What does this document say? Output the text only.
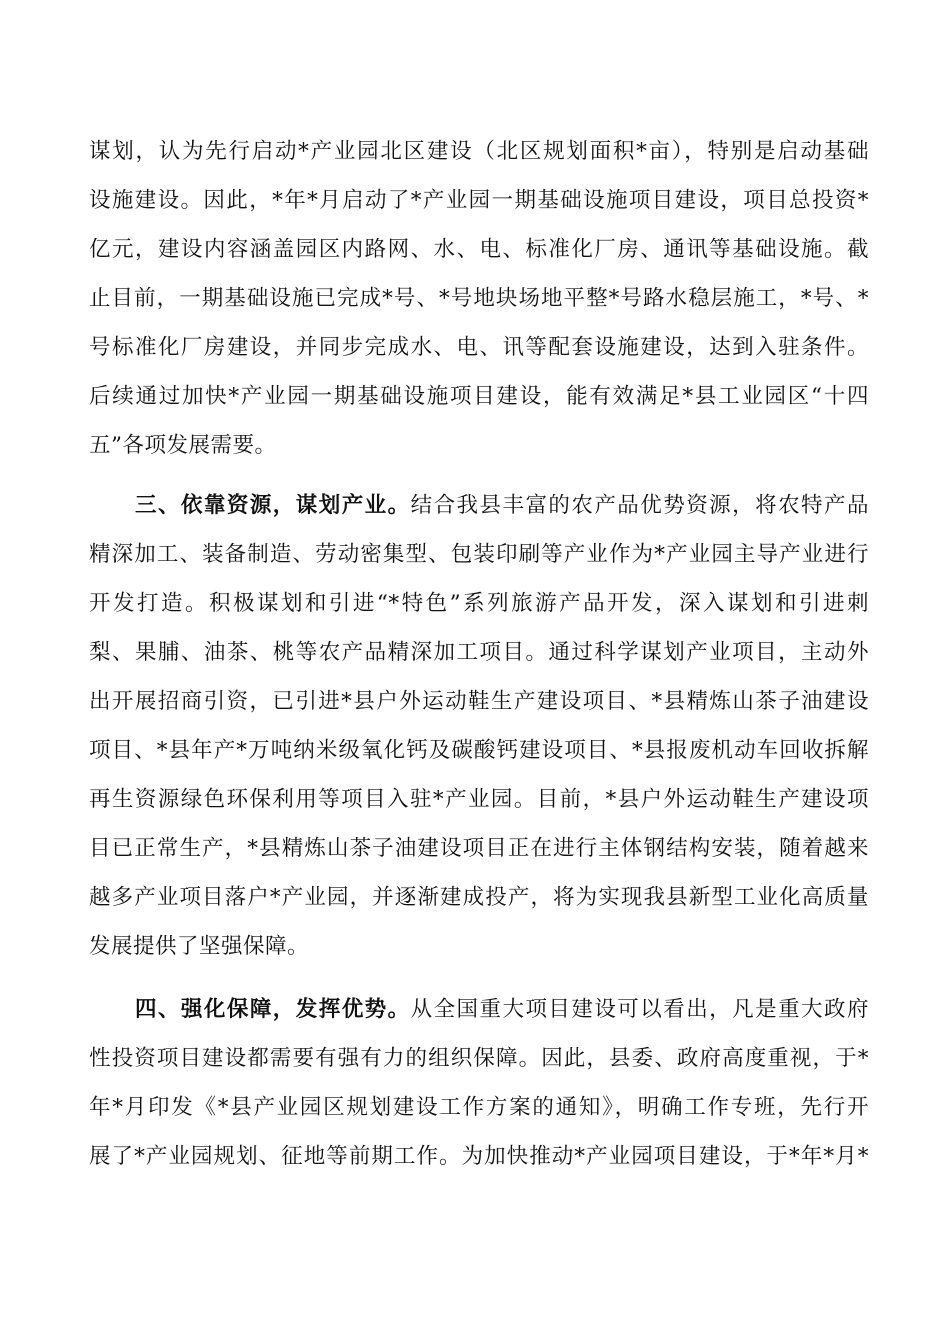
谋划，认为先行启动*产业园北区建设（北区规划面积*亩），特别是启动基础
设施建设。因此，*年*月启动了*产业园一期基础设施项目建设，项目总投资*
亿元，建设内容涵盖园区内路网、水、电、标准化厂房、通讯等基础设施。截
止目前，一期基础设施已完成*号、*号地块场地平整*号路水稳层施工，*号、*
号标准化厂房建设，并同步完成水、电、讯等配套设施建设，达到入驻条件。
后续通过加快*产业园一期基础设施项目建设，能有效满足*县工业园区“十四
五”各项发展需要。
三、依靠资源，谋划产业。结合我县丰富的农产品优势资源，将农特产品
精深加工、装备制造、劳动密集型、包装印刷等产业作为*产业园主导产业进行
开发打造。积极谋划和引进“*特色”系列旅游产品开发，深入谋划和引进刺
梨、果脯、油茶、桃等农产品精深加工项目。通过科学谋划产业项目，主动外
出开展招商引资，已引进*县户外运动鞋生产建设项目、*县精炼山茶子油建设
项目、*县年产*万吨纳米级氧化钙及碳酸钙建设项目、*县报废机动车回收拆解
再生资源绿色环保利用等项目入驻*产业园。目前，*县户外运动鞋生产建设项
目已正常生产，*县精炼山茶子油建设项目正在进行主体钢结构安装，随着越来
越多产业项目落户*产业园，并逐渐建成投产，将为实现我县新型工业化高质量
发展提供了坚强保障。
四、强化保障，发挥优势。从全国重大项目建设可以看出，凡是重大政府
性投资项目建设都需要有强有力的组织保障。因此，县委、政府高度重视，于*
年*月印发《*县产业园区规划建设工作方案的通知》，明确工作专班，先行开
展了*产业园规划、征地等前期工作。为加快推动*产业园项目建设，于*年*月*
